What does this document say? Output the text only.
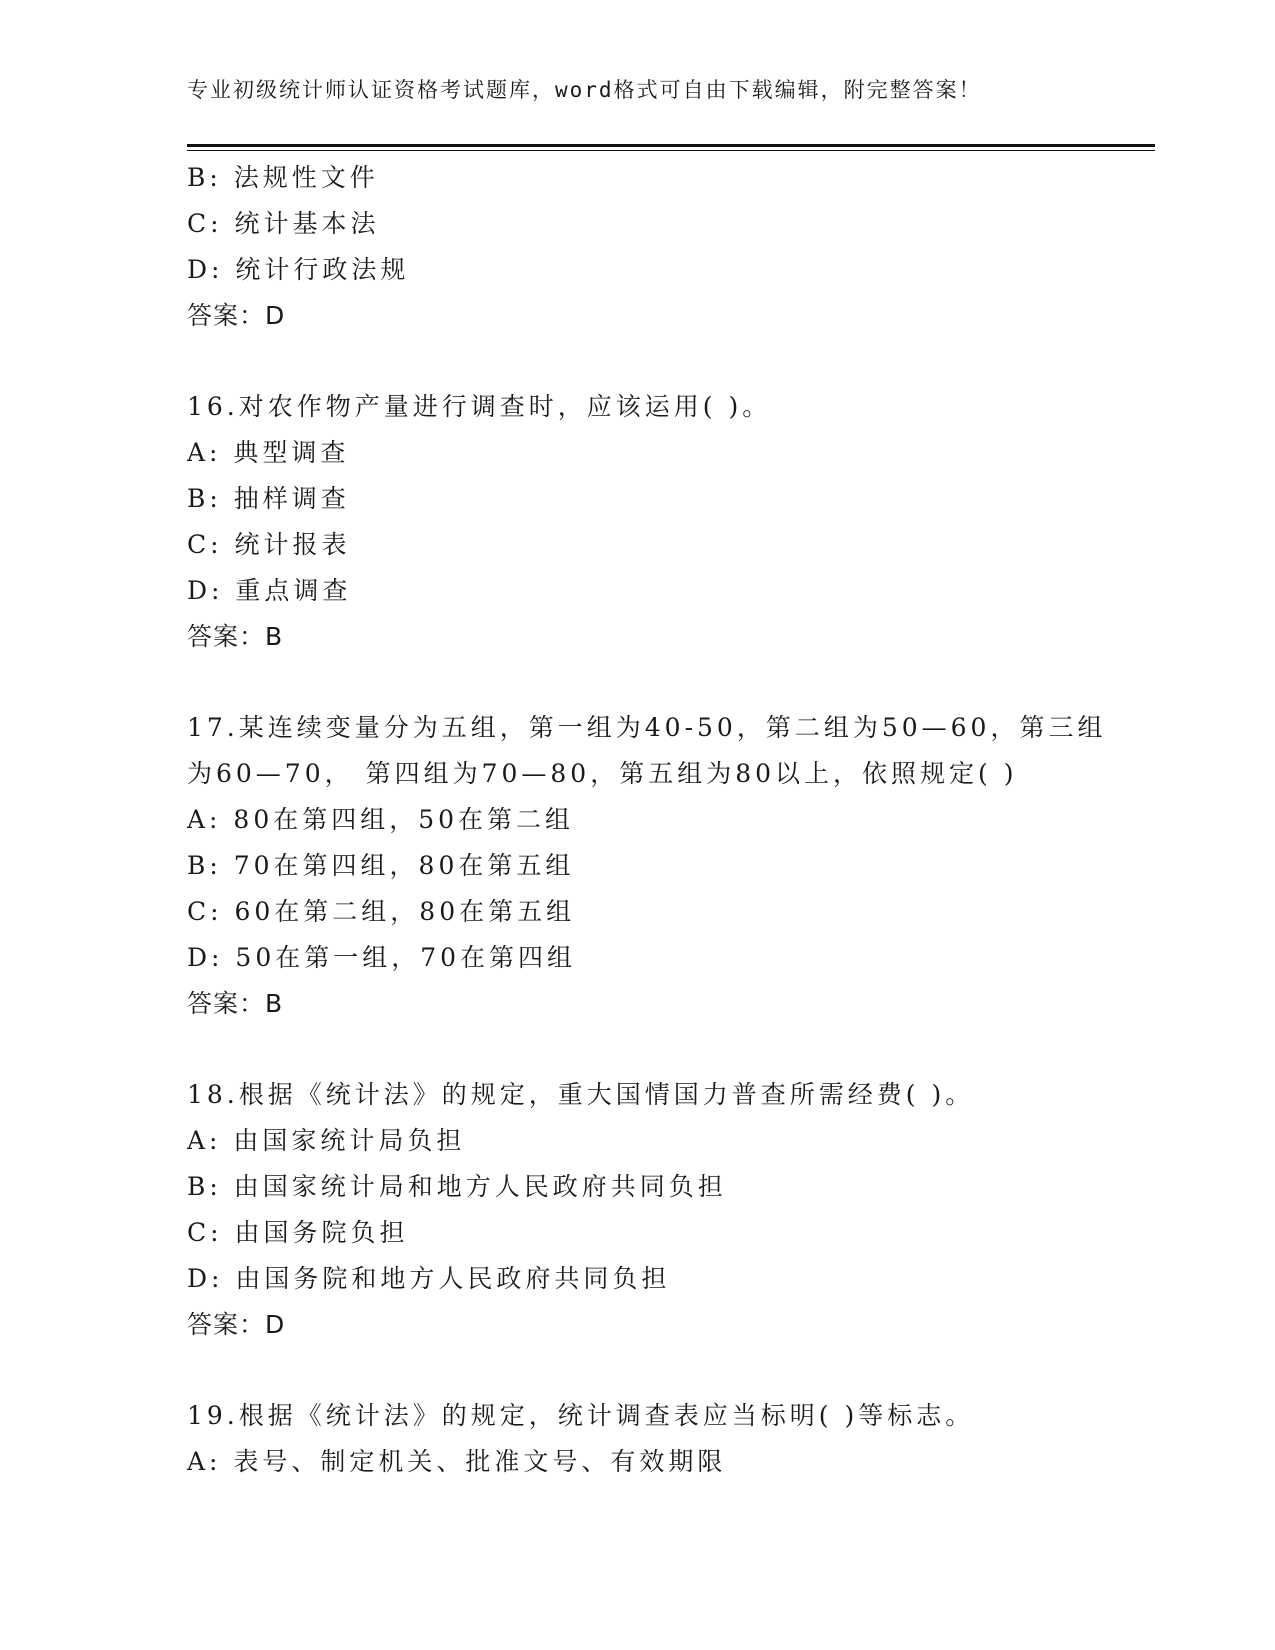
专业初级统计师认证资格考试题库，word格式可自由下载编辑，附完整答案！
B: 法规性文件
C: 统计基本法
D: 统计行政法规
答案：D
16.对农作物产量进行调查时，应该运用( )。
A: 典型调查
B: 抽样调查
C: 统计报表
D: 重点调查
答案：B
17.某连续变量分为五组，第一组为40-50，第二组为50—60，第三组
为60—70， 第四组为70—80，第五组为80以上，依照规定( )
A: 80在第四组，50在第二组
B: 70在第四组，80在第五组
C: 60在第二组，80在第五组
D: 50在第一组，70在第四组
答案：B
18.根据《统计法》的规定，重大国情国力普查所需经费( )。
A: 由国家统计局负担
B: 由国家统计局和地方人民政府共同负担
C: 由国务院负担
D: 由国务院和地方人民政府共同负担
答案：D
19.根据《统计法》的规定，统计调查表应当标明( )等标志。
A: 表号、制定机关、批准文号、有效期限
